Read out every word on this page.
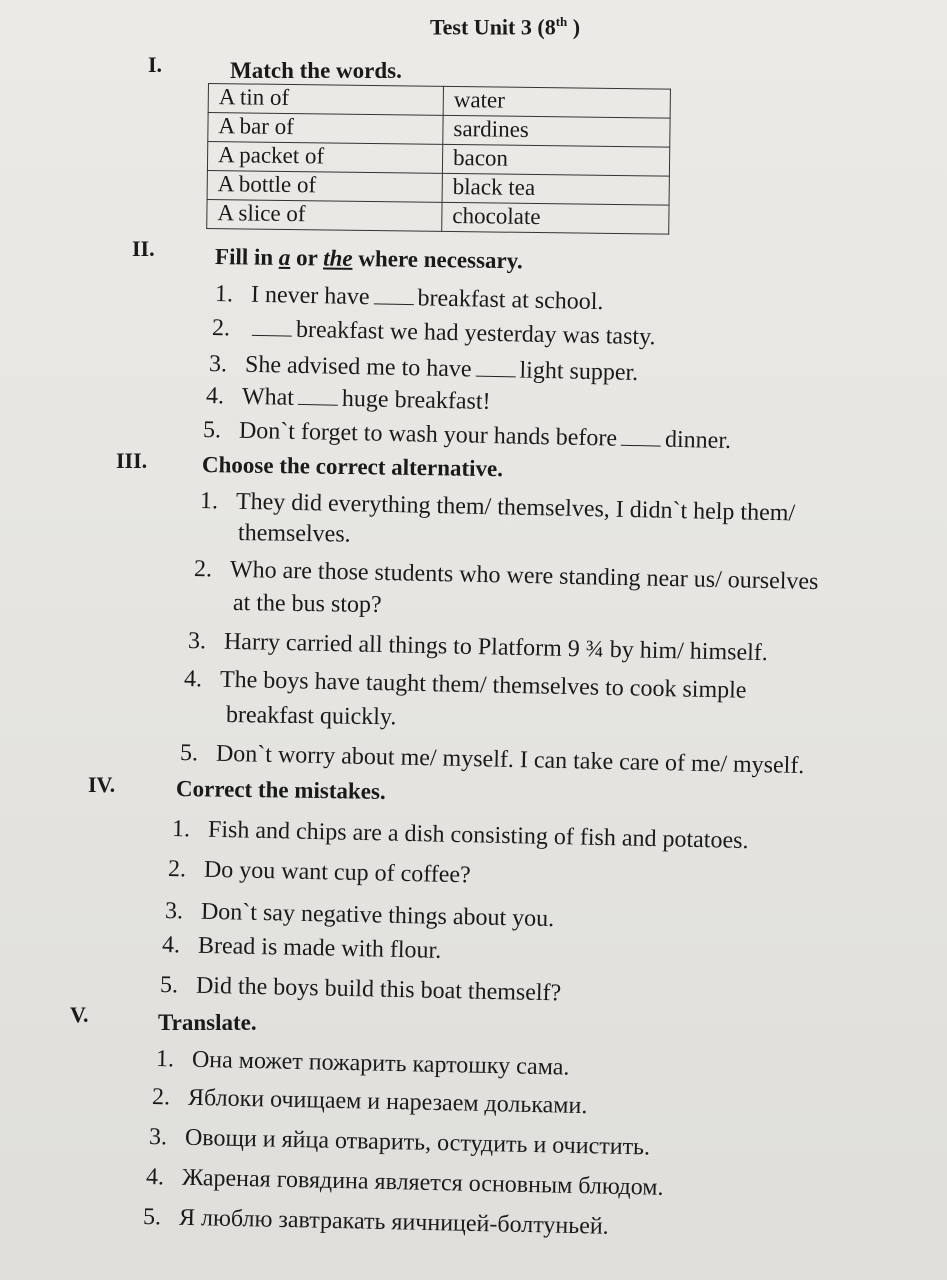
Test Unit 3 (8th )
I.	Match the words.
A tin of	water
A bar of	sardines
A packet of	bacon
A bottle of	black tea
A slice of	chocolate
II.	Fill in a or the where necessary.
1. I never have breakfast at school.
2.	breakfast we had yesterday was tasty.
3. She advised me to have light supper.
4. What huge breakfast!
5. Don`t forget to wash your hands before dinner.
III. Choose the correct alternative.
1. They did everything them/ themselves, I didn`t help them/
themselves.
2. Who are those students who were standing near us/ ourselves
at the bus stop?
3. Harry carried all things to Platform 9 ¾ by him/ himself.
4. The boys have taught them/ themselves to cook simple
breakfast quickly.
5. Don`t worry about me/ myself. I can take care of me/ myself.
IV.	Correct the mistakes.
1. Fish and chips are a dish consisting of fish and potatoes.
2. Do you want cup of coffee?
3. Don`t say negative things about you.
4. Bread is made with flour.
5. Did the boys build this boat themself?
V.	Translate.
1. Она может пожарить картошку сама.
2. Яблоки очищаем и нарезаем дольками.
3. Овощи и яйца отварить, остудить и очистить.
4. Жареная говядина является основным блюдом.
5. Я люблю завтракать яичницей-болтуньей.
